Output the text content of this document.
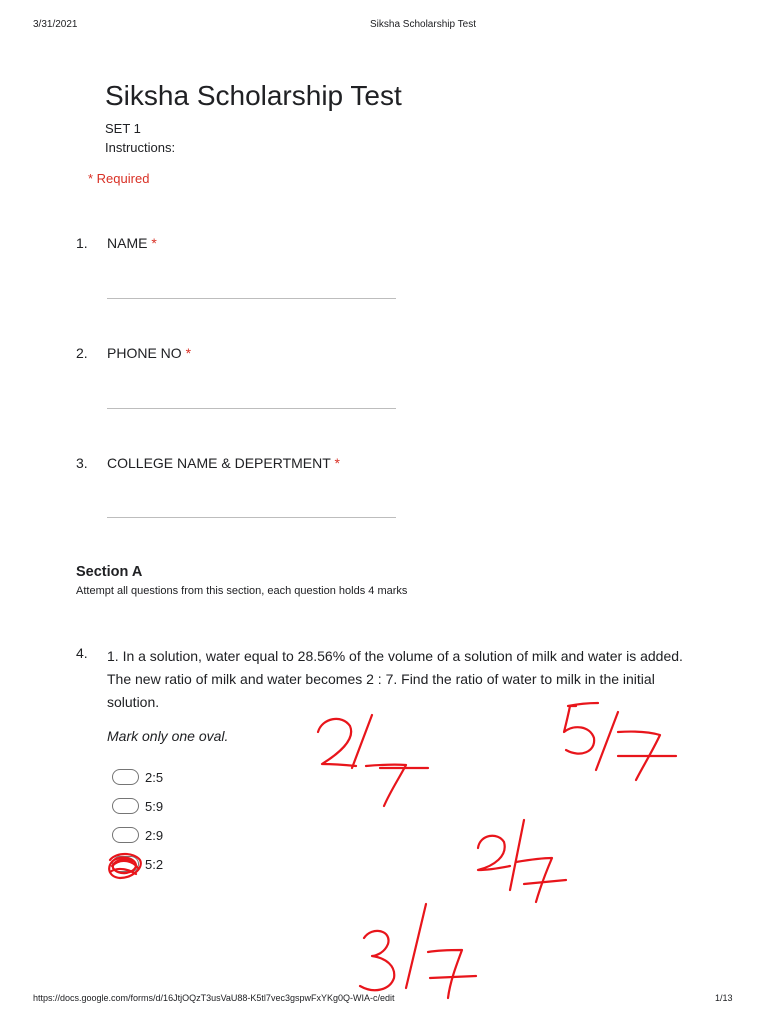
3/31/2021	Siksha Scholarship Test
Siksha Scholarship Test
SET 1
Instructions:
* Required
1. NAME *
2. PHONE NO *
3. COLLEGE NAME & DEPERTMENT *
Section A
Attempt all questions from this section, each question holds 4 marks
4. 1. In a solution, water equal to 28.56% of the volume of a solution of milk and water is added. The new ratio of milk and water becomes 2 : 7. Find the ratio of water to milk in the initial solution.
Mark only one oval.
2:5
5:9
2:9
5:2
https://docs.google.com/forms/d/16JtjOQzT3usVaU88-K5tl7vec3gspwFxYKg0Q-WIA-c/edit	1/13
